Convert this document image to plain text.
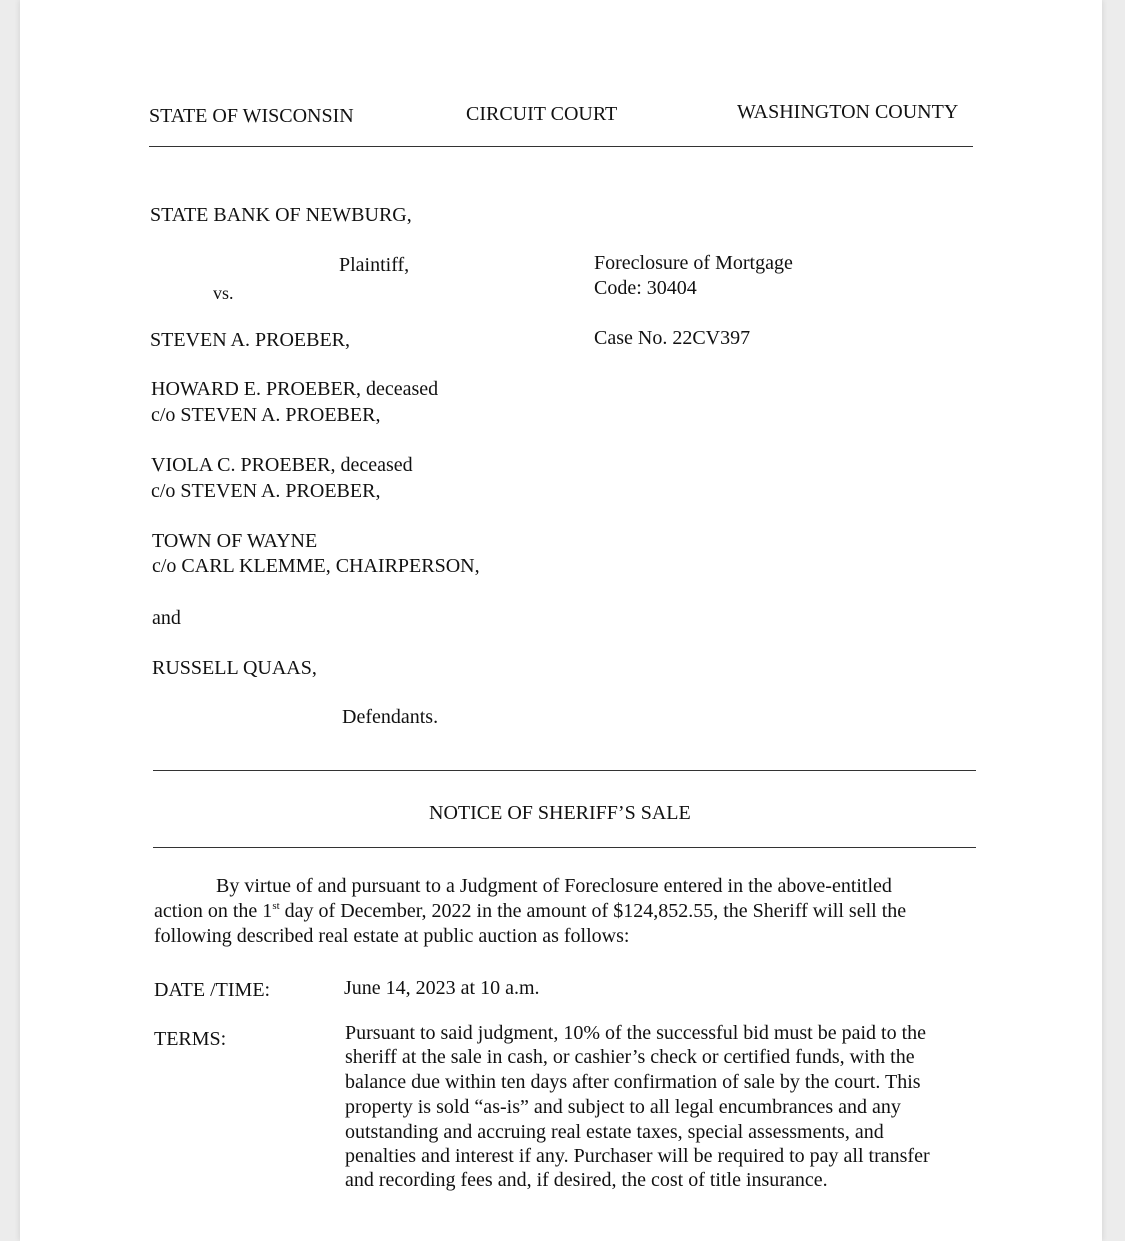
STATE OF WISCONSIN	CIRCUIT COURT	WASHINGTON COUNTY
STATE BANK OF NEWBURG,
Plaintiff,
vs.
STEVEN A. PROEBER,
HOWARD E. PROEBER, deceased
c/o STEVEN A. PROEBER,
VIOLA C. PROEBER, deceased
c/o STEVEN A. PROEBER,
TOWN OF WAYNE
c/o CARL KLEMME, CHAIRPERSON,
and
RUSSELL QUAAS,
Defendants.
Foreclosure of Mortgage
Code: 30404
Case No. 22CV397
NOTICE OF SHERIFF’S SALE
By virtue of and pursuant to a Judgment of Foreclosure entered in the above-entitled
action on the 1st day of December, 2022 in the amount of $124,852.55, the Sheriff will sell the
following described real estate at public auction as follows:
DATE /TIME:	June 14, 2023 at 10 a.m.
TERMS:	Pursuant to said judgment, 10% of the successful bid must be paid to the
sheriff at the sale in cash, or cashier’s check or certified funds, with the
balance due within ten days after confirmation of sale by the court. This
property is sold “as-is” and subject to all legal encumbrances and any
outstanding and accruing real estate taxes, special assessments, and
penalties and interest if any. Purchaser will be required to pay all transfer
and recording fees and, if desired, the cost of title insurance.
